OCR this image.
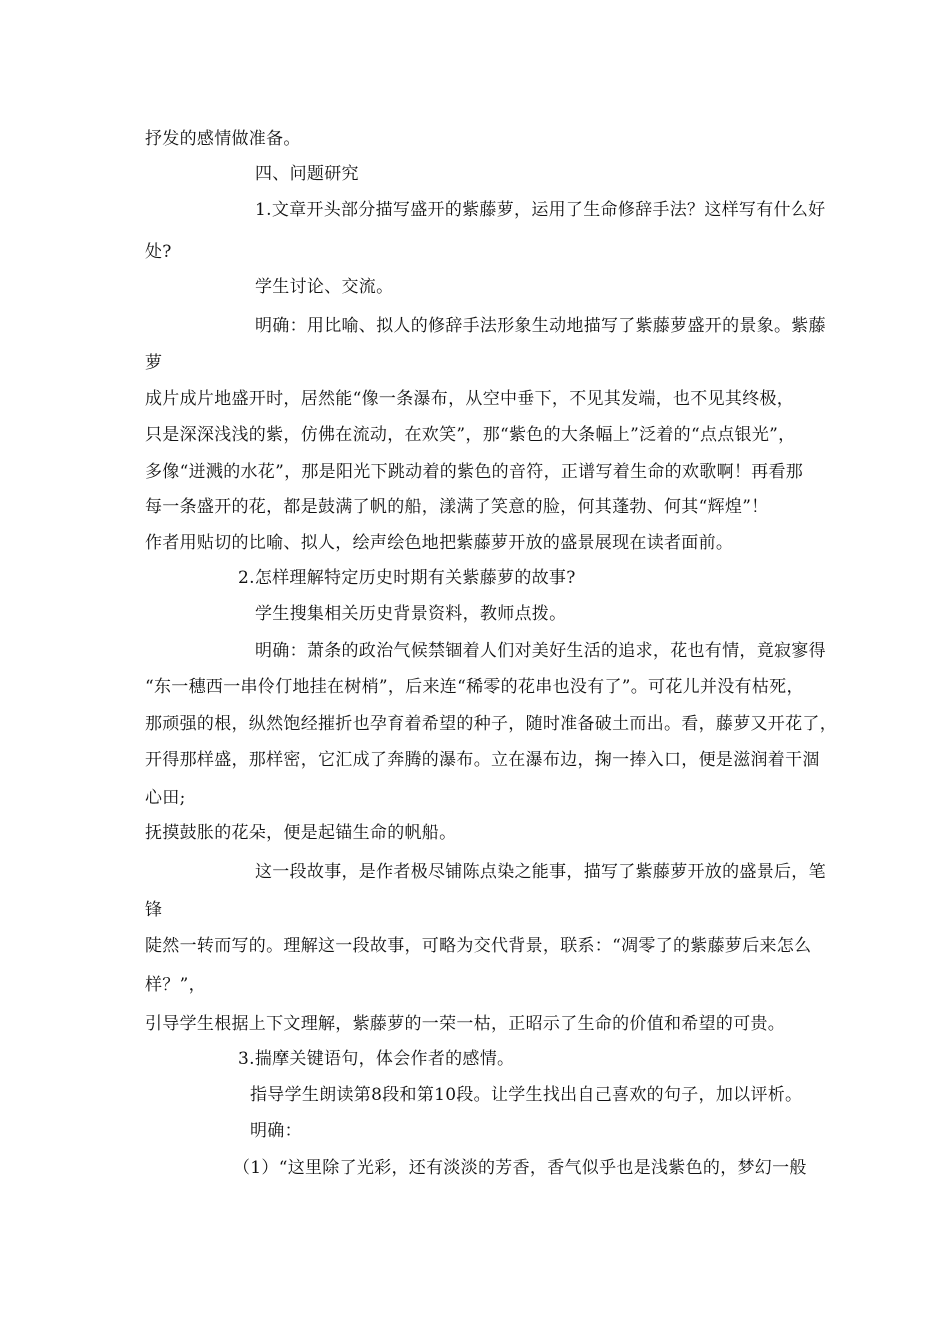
抒发的感情做准备。
四、问题研究
1.文章开头部分描写盛开的紫藤萝，运用了生命修辞手法？这样写有什么好
处?
学生讨论、交流。
明确：用比喻、拟人的修辞手法形象生动地描写了紫藤萝盛开的景象。紫藤
萝
成片成片地盛开时，居然能“像一条瀑布，从空中垂下，不见其发端，也不见其终极，
只是深深浅浅的紫，仿佛在流动，在欢笑”，那“紫色的大条幅上”泛着的“点点银光”，
多像“迸溅的水花”，那是阳光下跳动着的紫色的音符，正谱写着生命的欢歌啊！再看那
每一条盛开的花，都是鼓满了帆的船，漾满了笑意的脸，何其蓬勃、何其“辉煌”！
作者用贴切的比喻、拟人，绘声绘色地把紫藤萝开放的盛景展现在读者面前。
2.怎样理解特定历史时期有关紫藤萝的故事?
学生搜集相关历史背景资料，教师点拨。
明确：萧条的政治气候禁锢着人们对美好生活的追求，花也有情，竟寂寥得
“东一穗西一串伶仃地挂在树梢”，后来连“稀零的花串也没有了”。可花儿并没有枯死，
那顽强的根，纵然饱经摧折也孕育着希望的种子，随时准备破土而出。看，藤萝又开花了，
开得那样盛，那样密，它汇成了奔腾的瀑布。立在瀑布边，掬一捧入口，便是滋润着干涸
心田;
抚摸鼓胀的花朵，便是起锚生命的帆船。
这一段故事，是作者极尽铺陈点染之能事，描写了紫藤萝开放的盛景后，笔
锋
陡然一转而写的。理解这一段故事，可略为交代背景，联系：“凋零了的紫藤萝后来怎么
样？”，
引导学生根据上下文理解，紫藤萝的一荣一枯，正昭示了生命的价值和希望的可贵。
3.揣摩关键语句，体会作者的感情。
指导学生朗读第8段和第10段。让学生找出自己喜欢的句子，加以评析。
明确：
（1）“这里除了光彩，还有淡淡的芳香，香气似乎也是浅紫色的，梦幻一般
